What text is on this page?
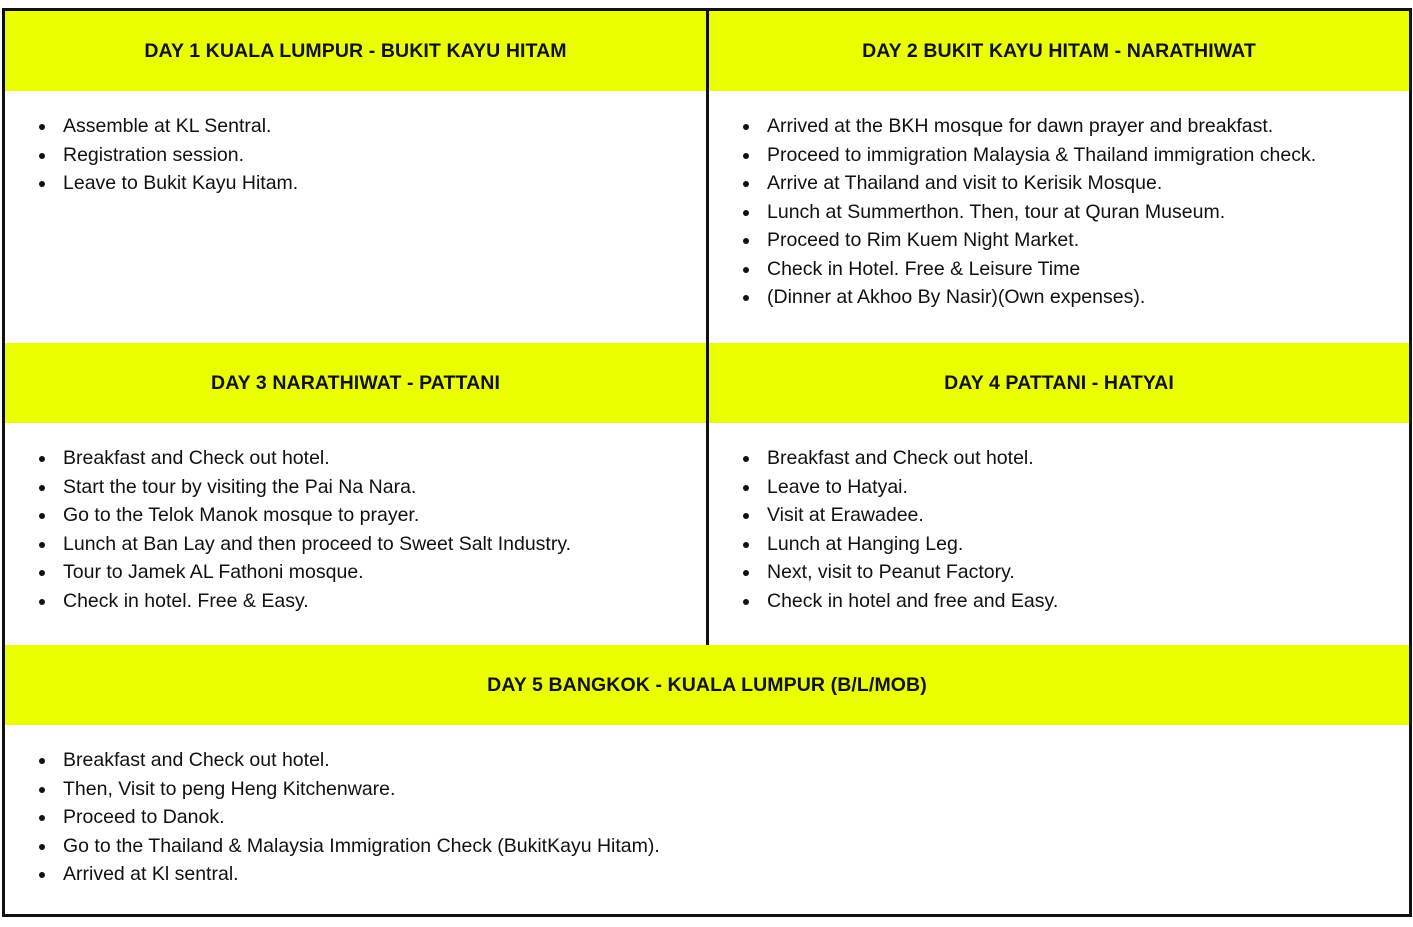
DAY 1 KUALA LUMPUR - BUKIT KAYU HITAM	DAY 2 BUKIT KAYU HITAM - NARATHIWAT
Assemble at KL Sentral.
Registration session.
Leave to Bukit Kayu Hitam.
Arrived at the BKH mosque for dawn prayer and breakfast.
Proceed to immigration Malaysia & Thailand immigration check.
Arrive at Thailand and visit to Kerisik Mosque.
Lunch at Summerthon. Then, tour at Quran Museum.
Proceed to Rim Kuem Night Market.
Check in Hotel. Free & Leisure Time
(Dinner at Akhoo By Nasir)(Own expenses).
DAY 3 NARATHIWAT - PATTANI	DAY 4 PATTANI - HATYAI
Breakfast and Check out hotel.
Start the tour by visiting the Pai Na Nara.
Go to the Telok Manok mosque to prayer.
Lunch at Ban Lay and then proceed to Sweet Salt Industry.
Tour to Jamek AL Fathoni mosque.
Check in hotel. Free & Easy.
Breakfast and Check out hotel.
Leave to Hatyai.
Visit at Erawadee.
Lunch at Hanging Leg.
Next, visit to Peanut Factory.
Check in hotel and free and Easy.
DAY 5 BANGKOK - KUALA LUMPUR (B/L/MOB)
Breakfast and Check out hotel.
Then, Visit to peng Heng Kitchenware.
Proceed to Danok.
Go to the Thailand & Malaysia Immigration Check (BukitKayu Hitam).
Arrived at Kl sentral.
